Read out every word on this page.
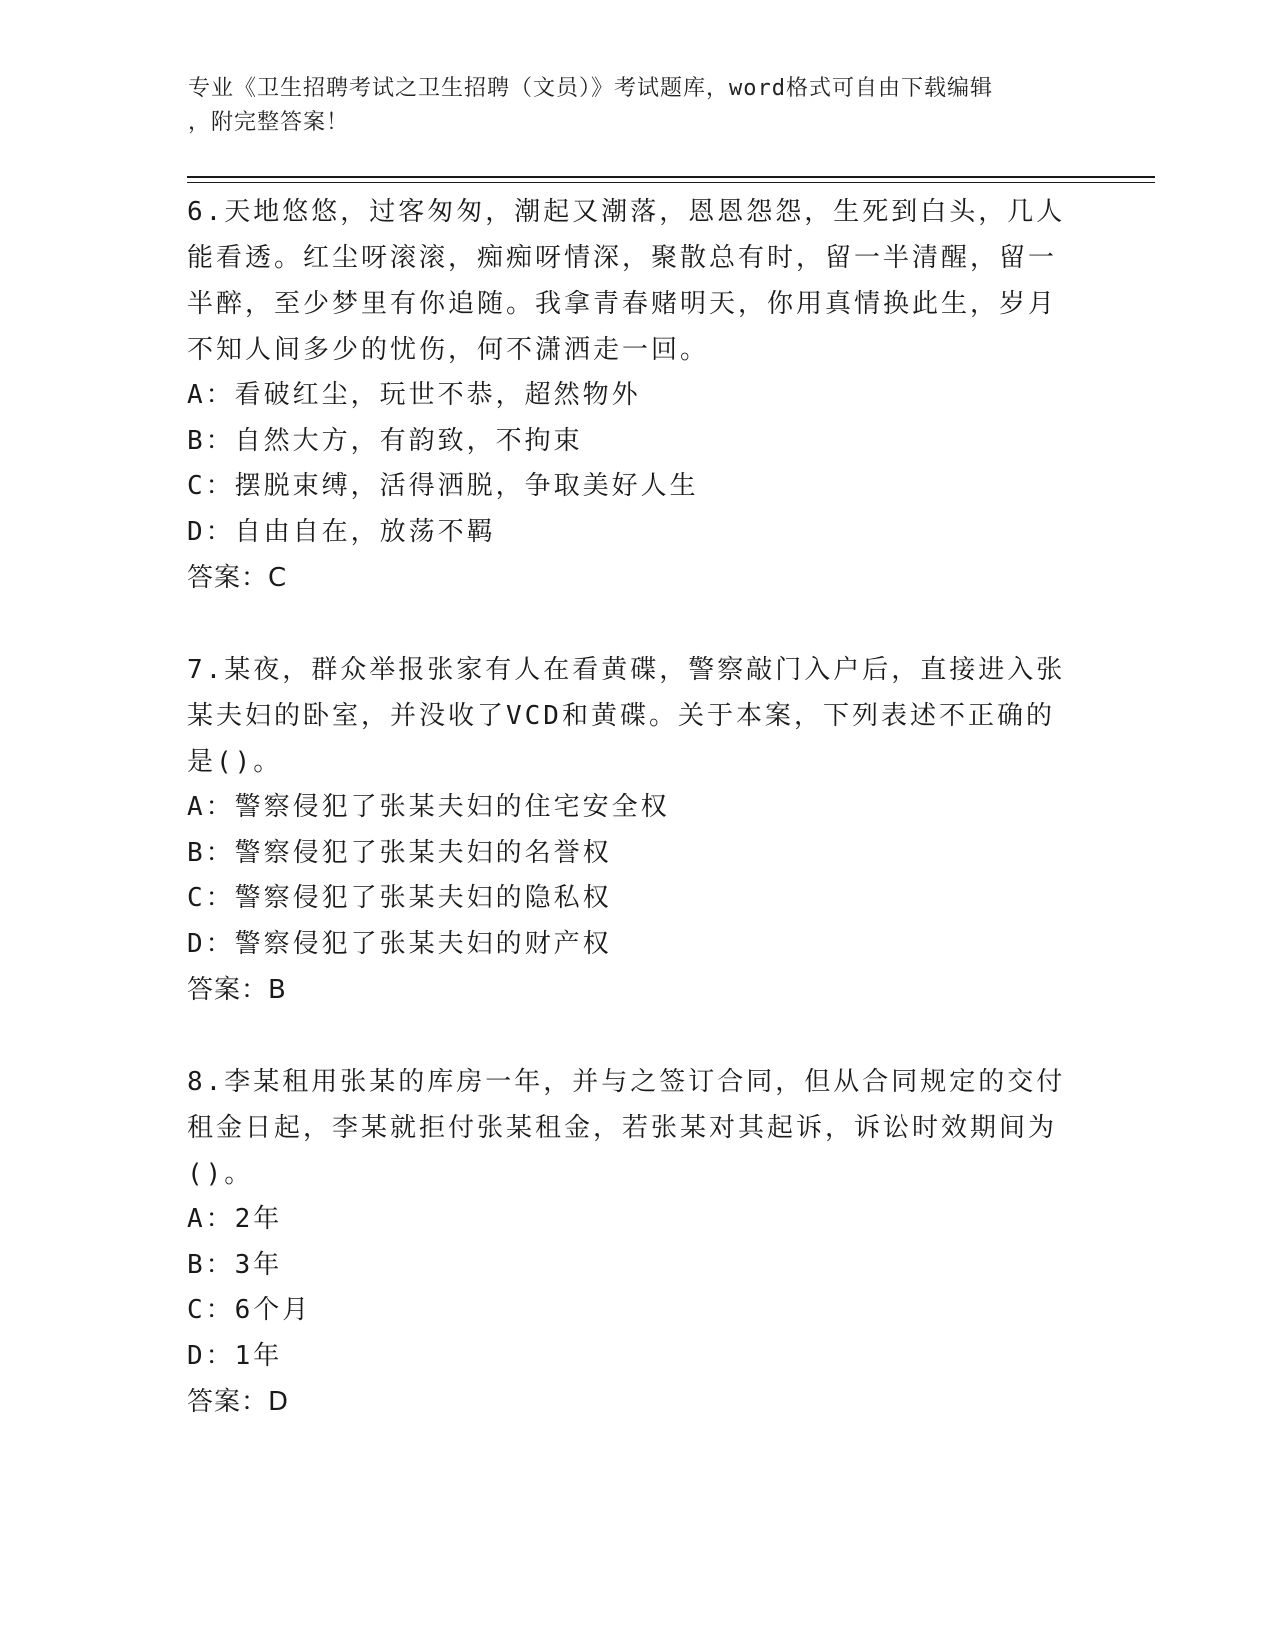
专业《卫生招聘考试之卫生招聘（文员）》考试题库，word格式可自由下载编辑
，附完整答案！

6.天地悠悠，过客匆匆，潮起又潮落，恩恩怨怨，生死到白头，几人

能看透。红尘呀滚滚，痴痴呀情深，聚散总有时，留一半清醒，留一

半醉，至少梦里有你追随。我拿青春赌明天，你用真情换此生，岁月

不知人间多少的忧伤，何不潇洒走一回。

A：看破红尘，玩世不恭，超然物外

B：自然大方，有韵致，不拘束

C：摆脱束缚，活得洒脱，争取美好人生

D：自由自在，放荡不羁

答案：C

7.某夜，群众举报张家有人在看黄碟，警察敲门入户后，直接进入张

某夫妇的卧室，并没收了VCD和黄碟。关于本案，下列表述不正确的

是()。

A：警察侵犯了张某夫妇的住宅安全权

B：警察侵犯了张某夫妇的名誉权

C：警察侵犯了张某夫妇的隐私权

D：警察侵犯了张某夫妇的财产权

答案：B

8.李某租用张某的库房一年，并与之签订合同，但从合同规定的交付

租金日起，李某就拒付张某租金，若张某对其起诉，诉讼时效期间为

()。

A：2年

B：3年

C：6个月

D：1年

答案：D
